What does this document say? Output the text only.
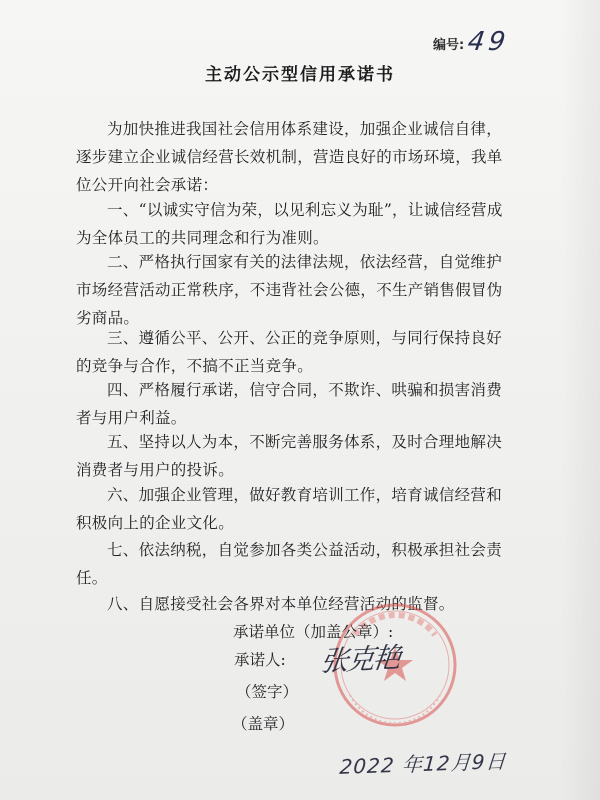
编号: 49
主动公示型信用承诺书

为加快推进我国社会信用体系建设，加强企业诚信自律，逐步建立企业诚信经营长效机制，营造良好的市场环境，我单位公开向社会承诺：

一、“以诚实守信为荣，以见利忘义为耻”，让诚信经营成为全体员工的共同理念和行为准则。

二、严格执行国家有关的法律法规，依法经营，自觉维护市场经营活动正常秩序，不违背社会公德，不生产销售假冒伪劣商品。

三、遵循公平、公开、公正的竞争原则，与同行保持良好的竞争与合作，不搞不正当竞争。

四、严格履行承诺，信守合同，不欺诈、哄骗和损害消费者与用户利益。

五、坚持以人为本，不断完善服务体系，及时合理地解决消费者与用户的投诉。

六、加强企业管理，做好教育培训工作，培育诚信经营和积极向上的企业文化。

七、依法纳税，自觉参加各类公益活动，积极承担社会责任。

八、自愿接受社会各界对本单位经营活动的监督。

承诺单位（加盖公章）:
承诺人: 张克艳
（签字）
（盖章）
2022 年12月9日
